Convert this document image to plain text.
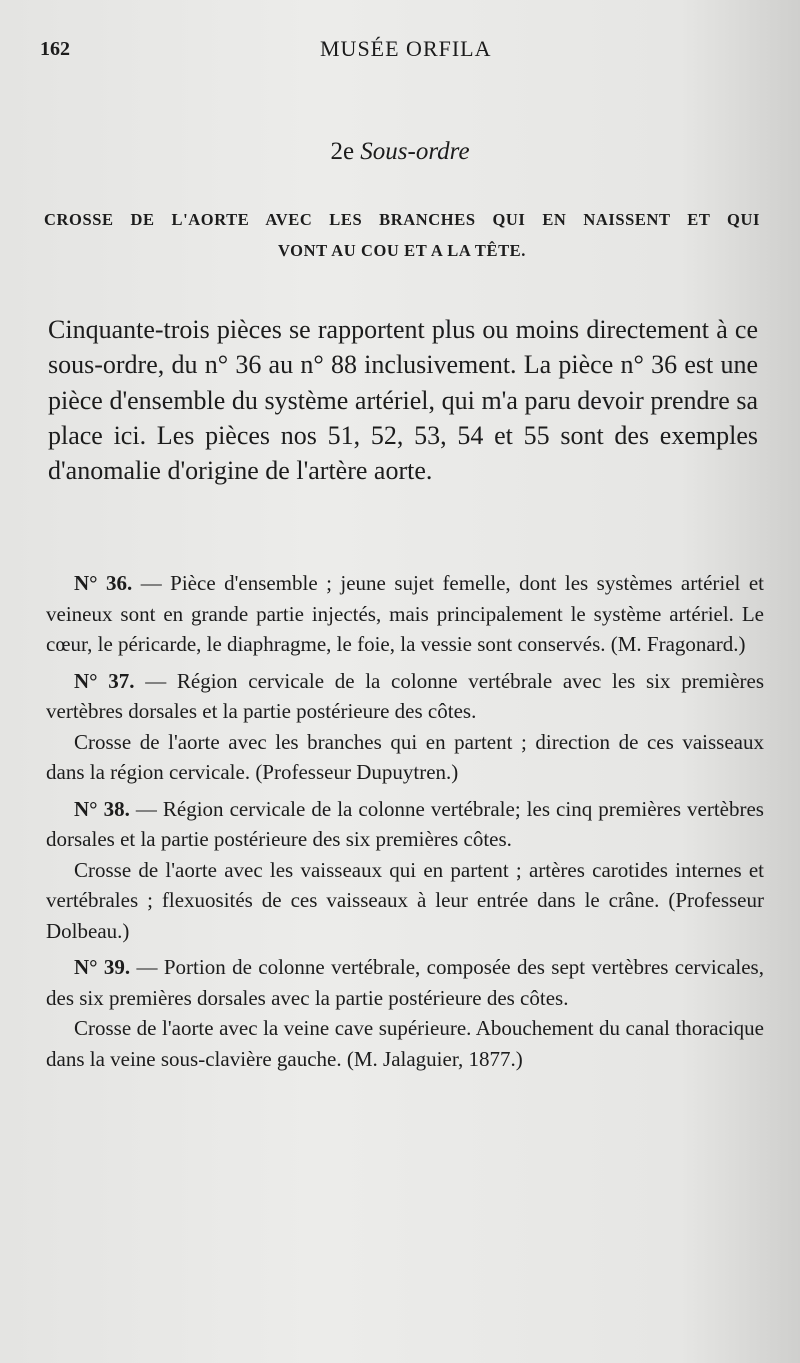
162	MUSÉE ORFILA
2e Sous-ordre
CROSSE DE L'AORTE AVEC LES BRANCHES QUI EN NAISSENT ET QUI
VONT AU COU ET A LA TÊTE.
Cinquante-trois pièces se rapportent plus ou moins directement à ce sous-ordre, du n° 36 au n° 88 inclusivement. La pièce n° 36 est une pièce d'ensemble du système artériel, qui m'a paru devoir prendre sa place ici. Les pièces nos 51, 52, 53, 54 et 55 sont des exemples d'anomalie d'origine de l'artère aorte.

N° 36. — Pièce d'ensemble ; jeune sujet femelle, dont les systèmes artériel et veineux sont en grande partie injectés, mais principalement le système artériel. Le cœur, le péricarde, le diaphragme, le foie, la vessie sont conservés. (M. Fragonard.)

N° 37. — Région cervicale de la colonne vertébrale avec les six premières vertèbres dorsales et la partie postérieure des côtes.

Crosse de l'aorte avec les branches qui en partent ; direction de ces vaisseaux dans la région cervicale. (Professeur Dupuytren.)

N° 38. — Région cervicale de la colonne vertébrale; les cinq premières vertèbres dorsales et la partie postérieure des six premières côtes.

Crosse de l'aorte avec les vaisseaux qui en partent ; artères carotides internes et vertébrales ; flexuosités de ces vaisseaux à leur entrée dans le crâne. (Professeur Dolbeau.)

N° 39. — Portion de colonne vertébrale, composée des sept vertèbres cervicales, des six premières dorsales avec la partie postérieure des côtes.

Crosse de l'aorte avec la veine cave supérieure. Abouchement du canal thoracique dans la veine sous-clavière gauche. (M. Jalaguier, 1877.)
